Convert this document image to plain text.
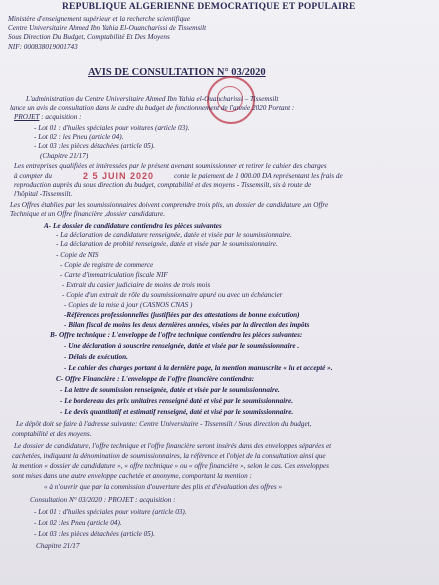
REPUBLIQUE ALGERIENNE DEMOCRATIQUE ET POPULAIRE
Ministère d'enseignement supérieur et la recherche scientifique
Centre Universitaire Ahmed Ibn Yahia El-Ouancharissi de Tissemsilt
Sous Direction Du Budget, Comptabilité Et Des Moyens
NIF: 000838019001743
AVIS DE CONSULTATION N° 03/2020
L'administration du Centre Universitaire Ahmed Ibn Yahia el-Ouancharissi – Tissemsilt
lance un avis de consultation dans le cadre du budget de fonctionnement de l'année 2020 Portant :
PROJET : acquisition :
- Lot 01 : d'huiles spéciales pour voitures (article 03).
- Lot 02 : les Pneu (article 04).
- Lot 03 :les pièces détachées (article 05).
(Chapitre 21/17)
Les entreprises qualifiées et intéressées par le présent avenant soumissionner et retirer le cahier des charges
à compter du	2 5 JUIN 2020	conte le paiement de 1 000.00 DA représentant les frais de
reproduction auprès du sous direction du budget, comptabilité et des moyens - Tissemsilt, sis à route de
l'hôpital -Tissemsilt.
Les Offres établies par les soumissionnaires doivent comprendre trois plis, un dossier de candidature ,un Offre
Technique et un Offre financière ,dossier candidature.
A- Le dossier de candidature contiendra les pièces suivantes
- La déclaration de candidature renseignée, datée et visée par le soumissionnaire.
- La déclaration de probité renseignée, datée et visée par le soumissionnaire.
- Copie de NIS
- Copie de registre de commerce
- Carte d'immatriculation fiscale NIF
- Extrait du casier judiciaire de moins de trois mois
- Copie d'un extrait de rôle du soumissionnaire apuré ou avec un échéancier
- Copies de la mise à jour (CASNOS CNAS )
-Références professionnelles (justifiées par des attestations de bonne exécution)
- Bilan fiscal de moins les deux dernières années, visées par la direction des impôts
B- Offre technique : L'enveloppe de l'offre technique contiendra les pièces suivantes:
- Une déclaration à souscrire renseignée, datée et visée par le soumissionnaire .
- Délais de exécution.
- Le cahier des charges portant à la dernière page, la mention manuscrite « lu et accepté ».
C- Offre Financière : L'enveloppe de l'offre financière contiendra:
- La lettre de soumission renseignée, datée et visée par le soumissionnaire.
- Le bordereau des prix unitaires renseigné daté et visé par le soumissionnaire.
- Le devis quantitatif et estimatif renseigné, daté et visé par le soumissionnaire.
Le dépôt doit se faire à l'adresse suivante: Centre Universitaire - Tissemsilt / Sous direction du budget,
comptabilité et des moyens.
Le dossier de candidature, l'offre technique et l'offre financière seront insérés dans des enveloppes séparées et
cachetées, indiquant la dénomination de soumissionnaires, la référence et l'objet de la consultation ainsi que
la mention « dossier de candidature », « offre technique » ou « offre financière », selon le cas. Ces enveloppes
sont mises dans une autre enveloppe cachetée et anonyme, comportant la mention :
« à n'ouvrir que par la commission d'ouverture des plis et d'évaluation des offres »
Consultation N° 03/2020 : PROJET : acquisition :
- Lot 01 : d'huiles spéciales pour voiture (article 03).
- Lot 02 :les Pneu (article 04).
- Lot 03 :les pièces détachées (article 05).
Chapitre 21/17
